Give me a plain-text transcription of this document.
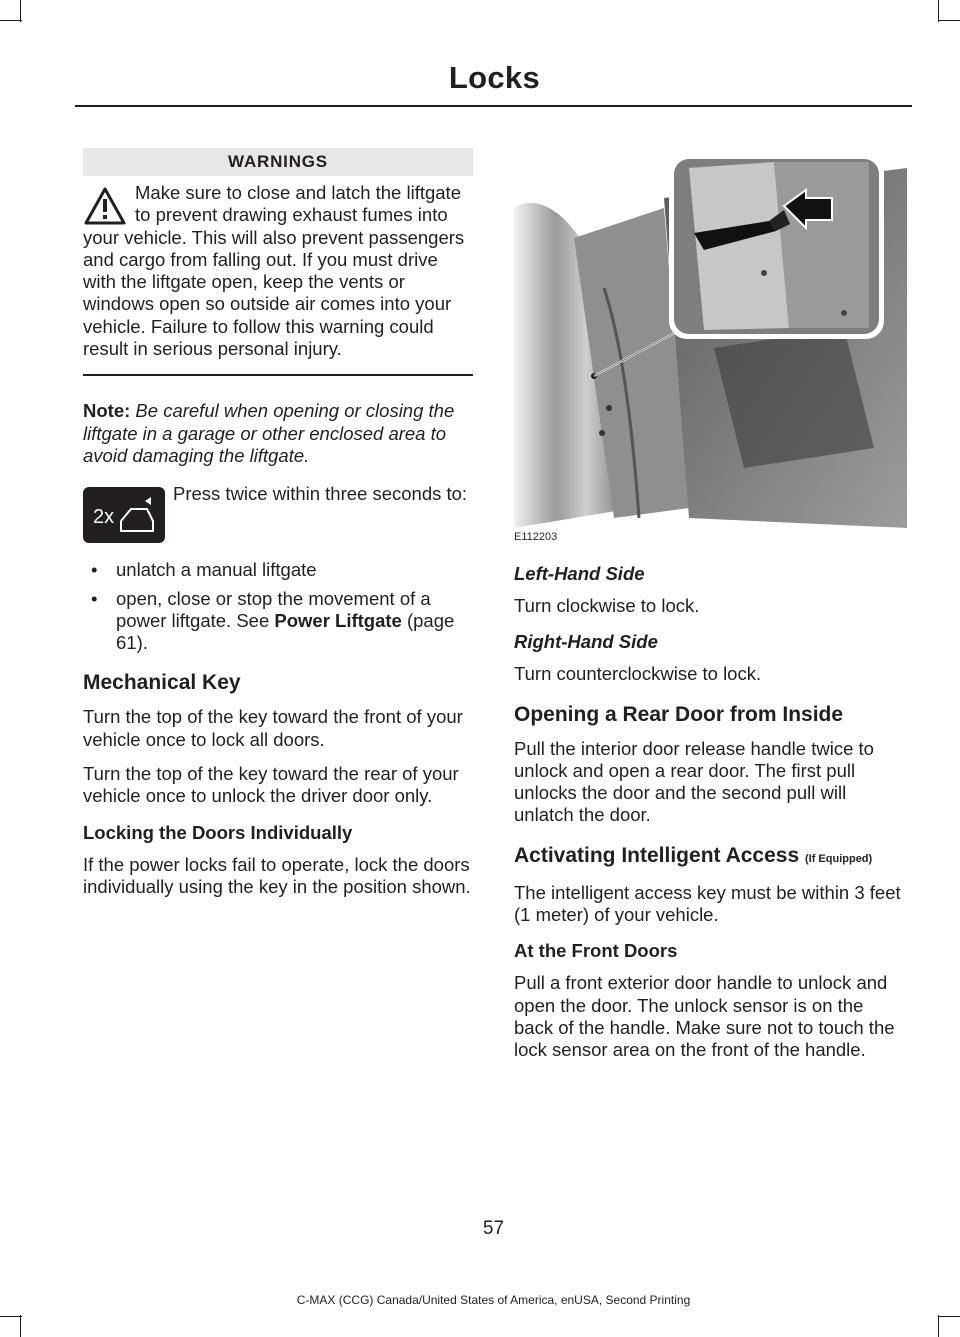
Locks
WARNINGS
Make sure to close and latch the liftgate to prevent drawing exhaust fumes into your vehicle. This will also prevent passengers and cargo from falling out. If you must drive with the liftgate open, keep the vents or windows open so outside air comes into your vehicle. Failure to follow this warning could result in serious personal injury.

Note: Be careful when opening or closing the liftgate in a garage or other enclosed area to avoid damaging the liftgate.

2x

Press twice within three seconds to:

• unlatch a manual liftgate
• open, close or stop the movement of a power liftgate. See Power Liftgate (page 61).
Mechanical Key

Turn the top of the key toward the front of your vehicle once to lock all doors.

Turn the top of the key toward the rear of your vehicle once to unlock the driver door only.

Locking the Doors Individually

If the power locks fail to operate, lock the doors individually using the key in the position shown.

E112203
Left-Hand Side

Turn clockwise to lock.

Right-Hand Side

Turn counterclockwise to lock.

Opening a Rear Door from Inside

Pull the interior door release handle twice to unlock and open a rear door. The first pull unlocks the door and the second pull will unlatch the door.

Activating Intelligent Access (If Equipped)

The intelligent access key must be within 3 feet (1 meter) of your vehicle.

At the Front Doors

Pull a front exterior door handle to unlock and open the door. The unlock sensor is on the back of the handle. Make sure not to touch the lock sensor area on the front of the handle.

57
C-MAX (CCG) Canada/United States of America, enUSA, Second Printing
